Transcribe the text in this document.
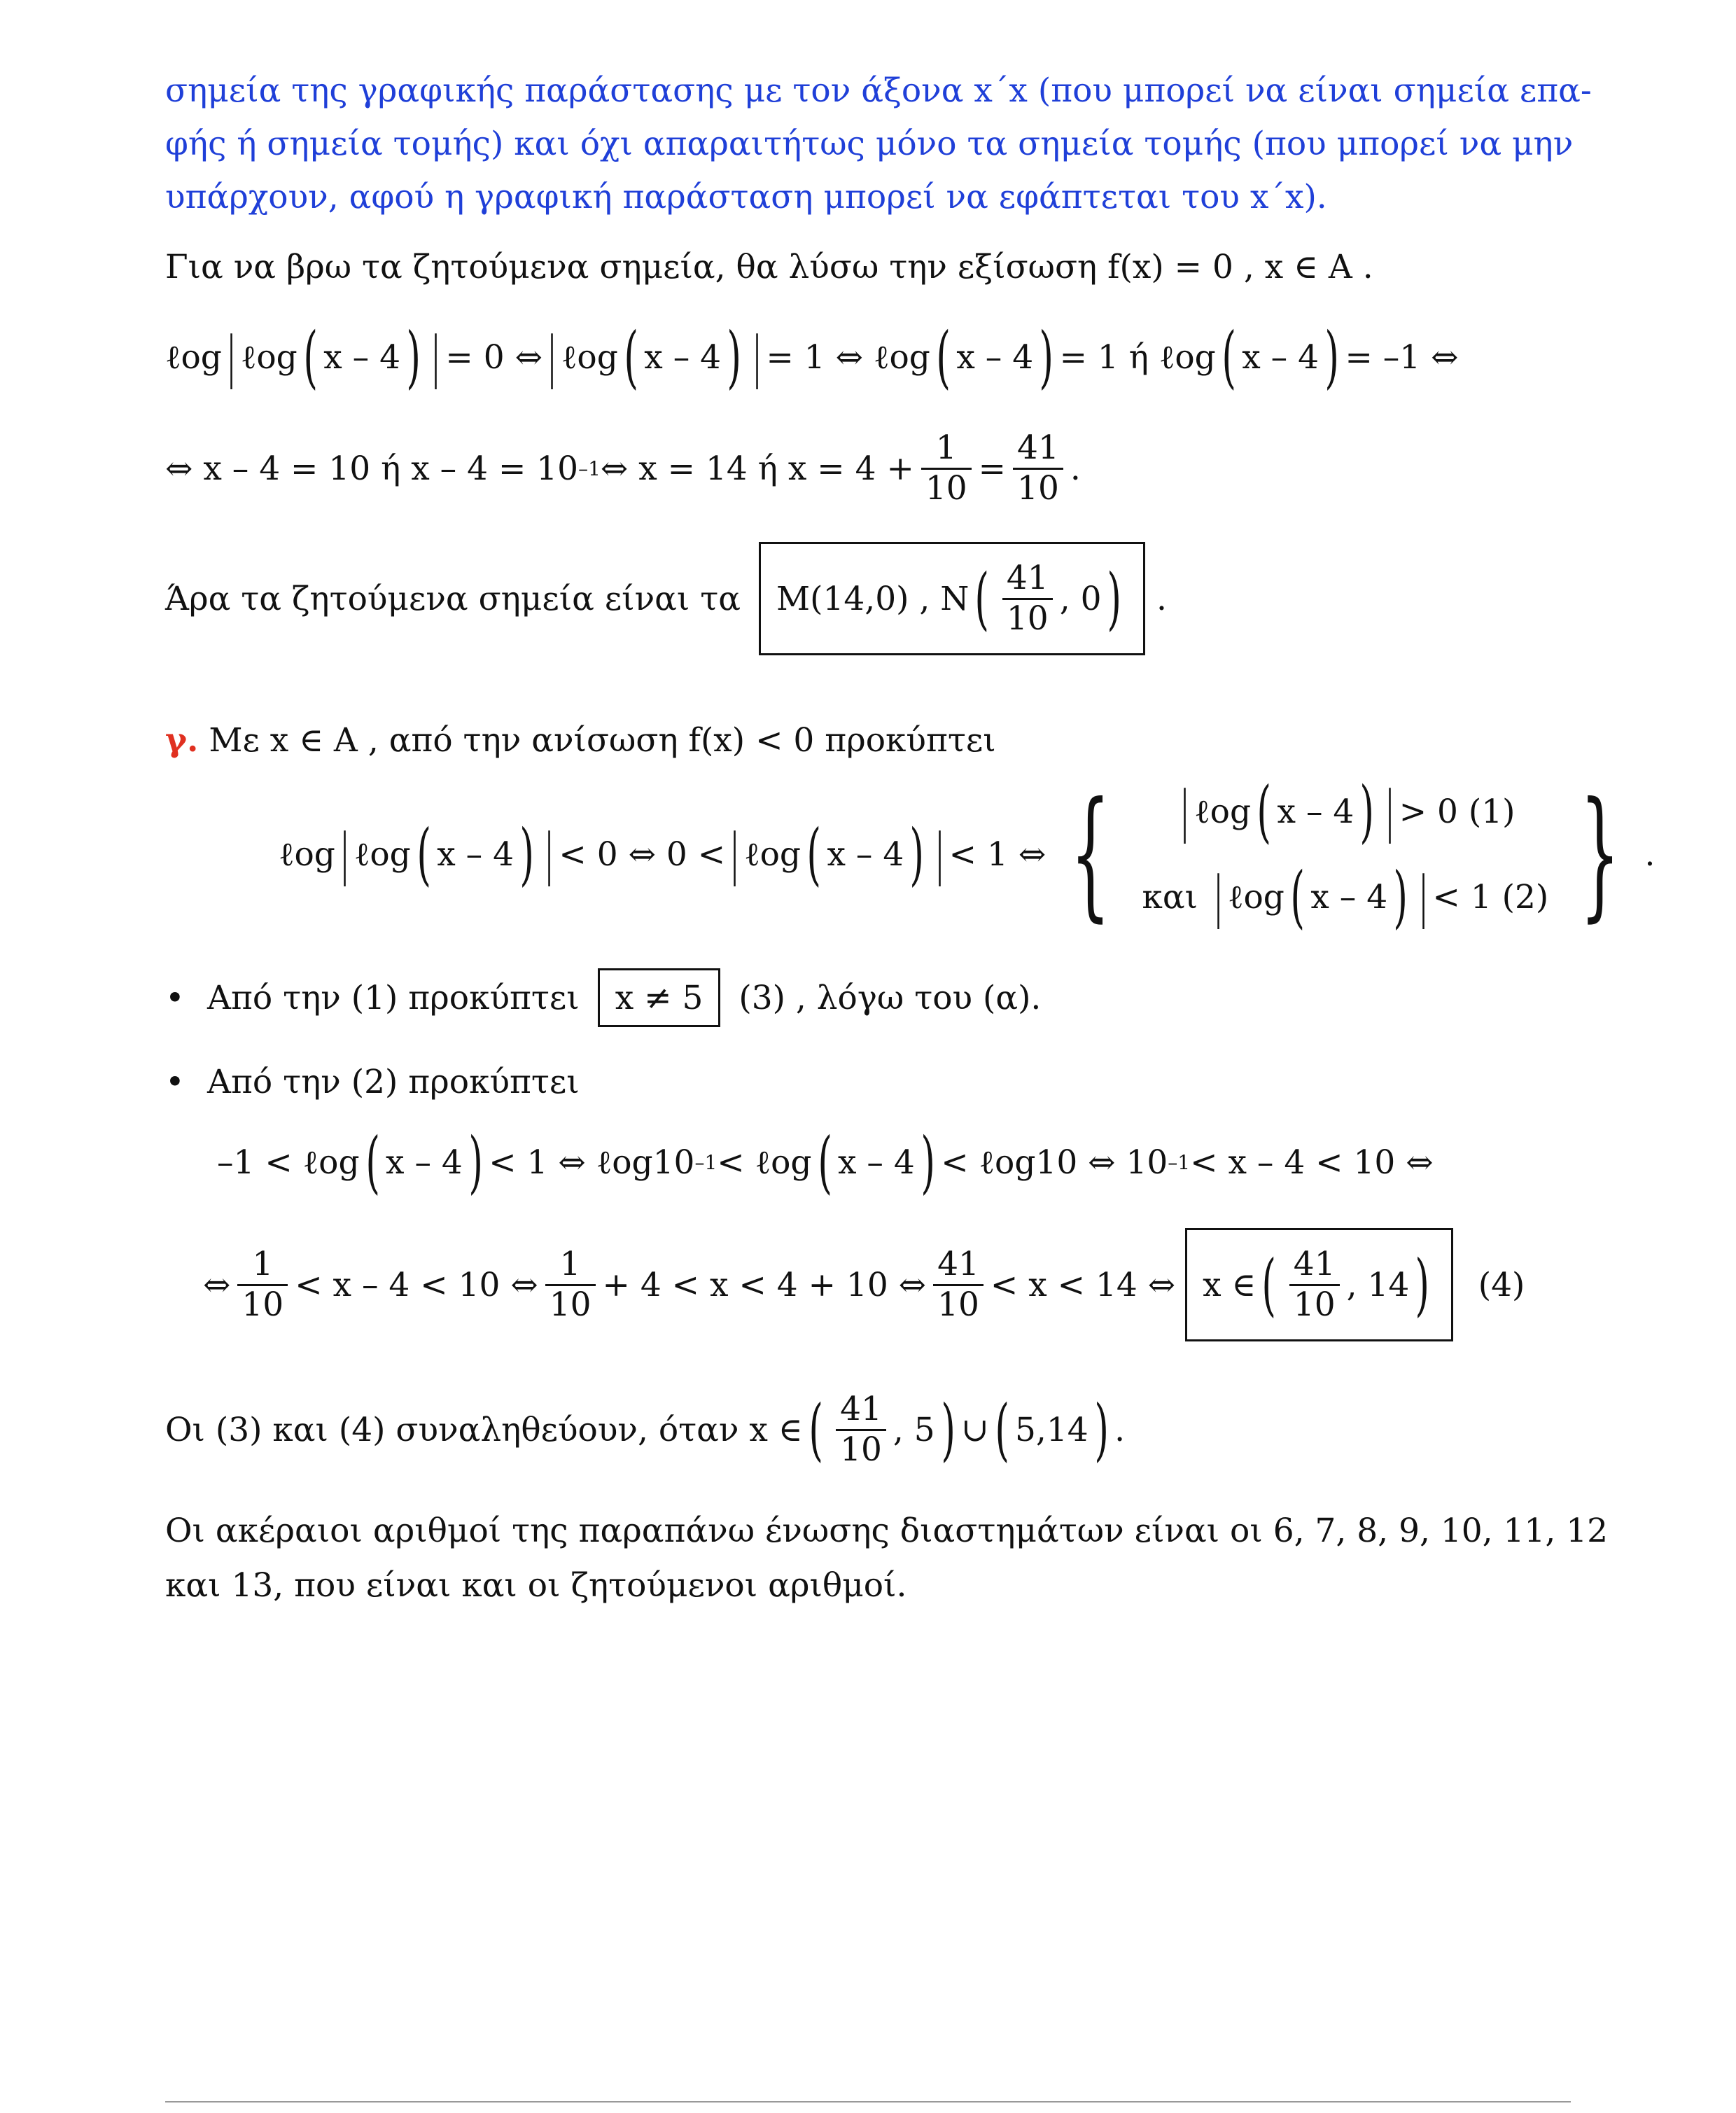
σημεία της γραφικής παράστασης με τον άξονα x΄x (που μπορεί να είναι σημεία επα-
φής ή σημεία τομής) και όχι απαραιτήτως μόνο τα σημεία τομής (που μπορεί να μην
υπάρχουν, αφού η γραφική παράσταση μπορεί να εφάπτεται του x΄x).
Για να βρω τα ζητούμενα σημεία, θα λύσω την εξίσωση f(x) = 0 , x ∈ A .
ℓog | ℓog ( x – 4 ) | = 0 ⇔ | ℓog ( x – 4 ) | = 1 ⇔ ℓog ( x – 4 ) = 1 ή ℓog ( x – 4 ) = –1 ⇔
⇔ x – 4 = 10 ή x – 4 = 10 –1 ⇔ x = 14 ή $x = 4 + \frac{1}{10} = \frac{41}{10}$ .
Άρα τα ζητούμενα σημεία είναι τα M(14,0) , N ( $\frac{41}{10}$ , 0 ) .
γ. Με x ∈ A , από την ανίσωση f(x) < 0 προκύπτει
ℓog | ℓog ( x – 4 ) | < 0 ⇔ 0 < | ℓog ( x – 4 ) | < 1 ⇔ { | ℓog ( x – 4 ) | > 0 (1)
και | ℓog ( x – 4 ) | < 1 (2) } .
• Από την (1) προκύπτει	x ≠ 5	(3) , λόγω του (α).
• Από την (2) προκύπτει
–1 < ℓog ( x – 4 ) < 1 ⇔ ℓog10 –1 < ℓog ( x – 4 ) < ℓog10 ⇔ 10 –1 < x – 4 < 10 ⇔
⇔ $\frac{1}{10} < x - 4 < 10$ ⇔ $\frac{1}{10} + 4 < x < 4 + 10$ ⇔ $\frac{41}{10} < x < 14$ ⇔ x ∈ ( $\frac{41}{10}$ , 14 ) (4)
Οι (3) και (4) συναληθεύουν, όταν x ∈ ( $\frac{41}{10}$ , 5 ) ∪ ( 5,14 ) .
Οι ακέραιοι αριθμοί της παραπάνω ένωσης διαστημάτων είναι οι 6, 7, 8, 9, 10, 11, 12
και 13, που είναι και οι ζητούμενοι αριθμοί.
